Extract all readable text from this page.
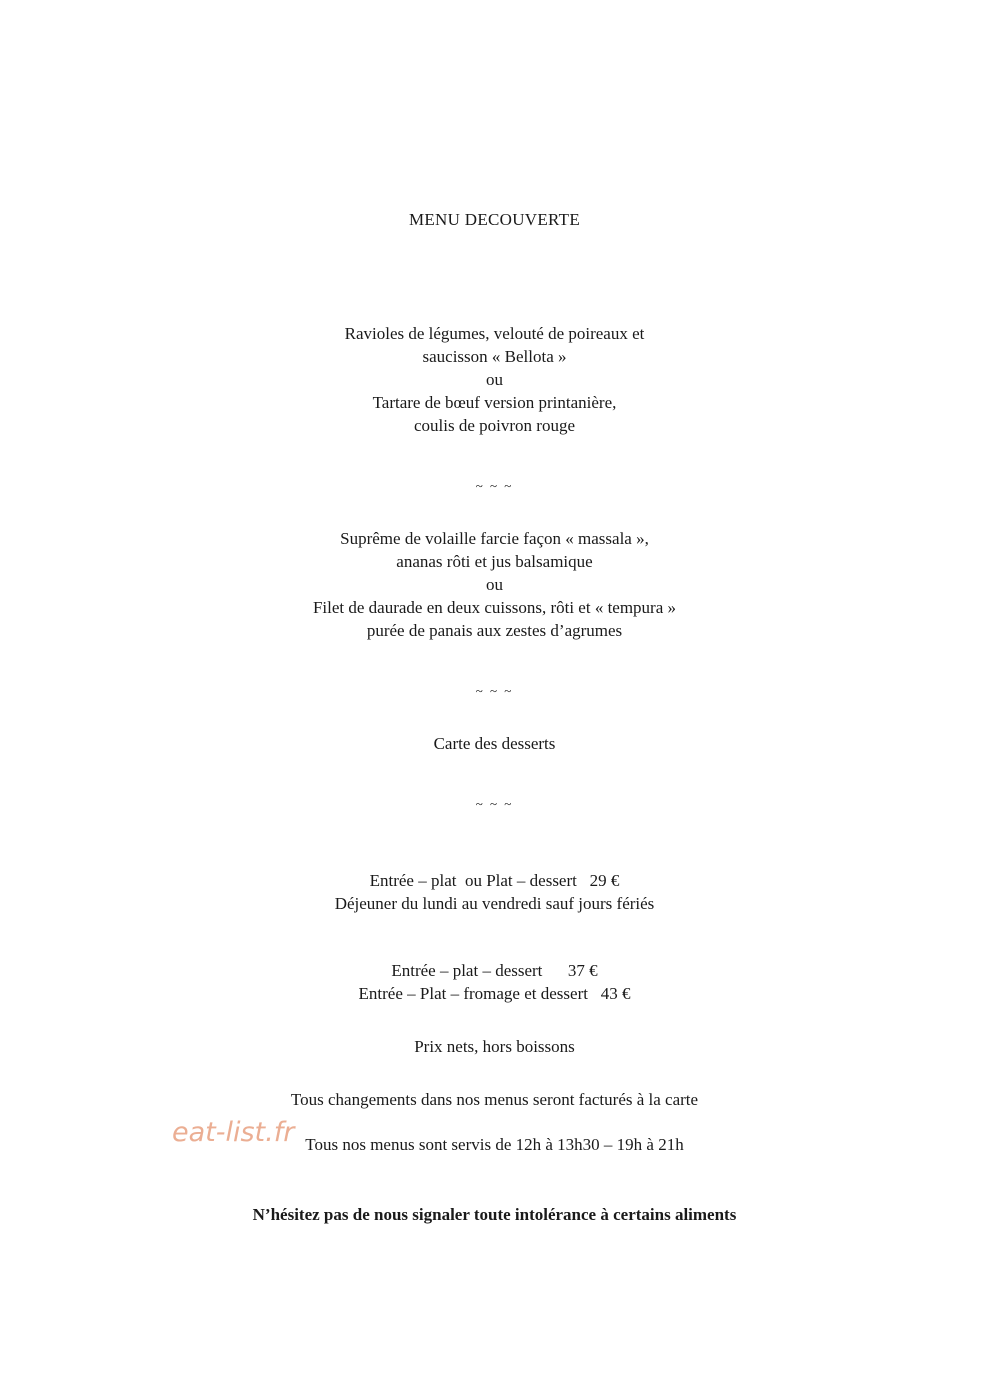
MENU DECOUVERTE
Ravioles de légumes, velouté de poireaux et
saucisson « Bellota »
ou
Tartare de bœuf version printanière,
coulis de poivron rouge
~ ~ ~
Suprême de volaille farcie façon « massala »,
ananas rôti et jus balsamique
ou
Filet de daurade en deux cuissons, rôti et « tempura »
purée de panais aux zestes d’agrumes
~ ~ ~
Carte des desserts
~ ~ ~
Entrée – plat  ou Plat – dessert   29 €
Déjeuner du lundi au vendredi sauf jours fériés
Entrée – plat – dessert      37 €
Entrée – Plat – fromage et dessert   43 €
Prix nets, hors boissons
Tous changements dans nos menus seront facturés à la carte
Tous nos menus sont servis de 12h à 13h30 – 19h à 21h
N’hésitez pas de nous signaler toute intolérance à certains aliments
eat-list.fr
